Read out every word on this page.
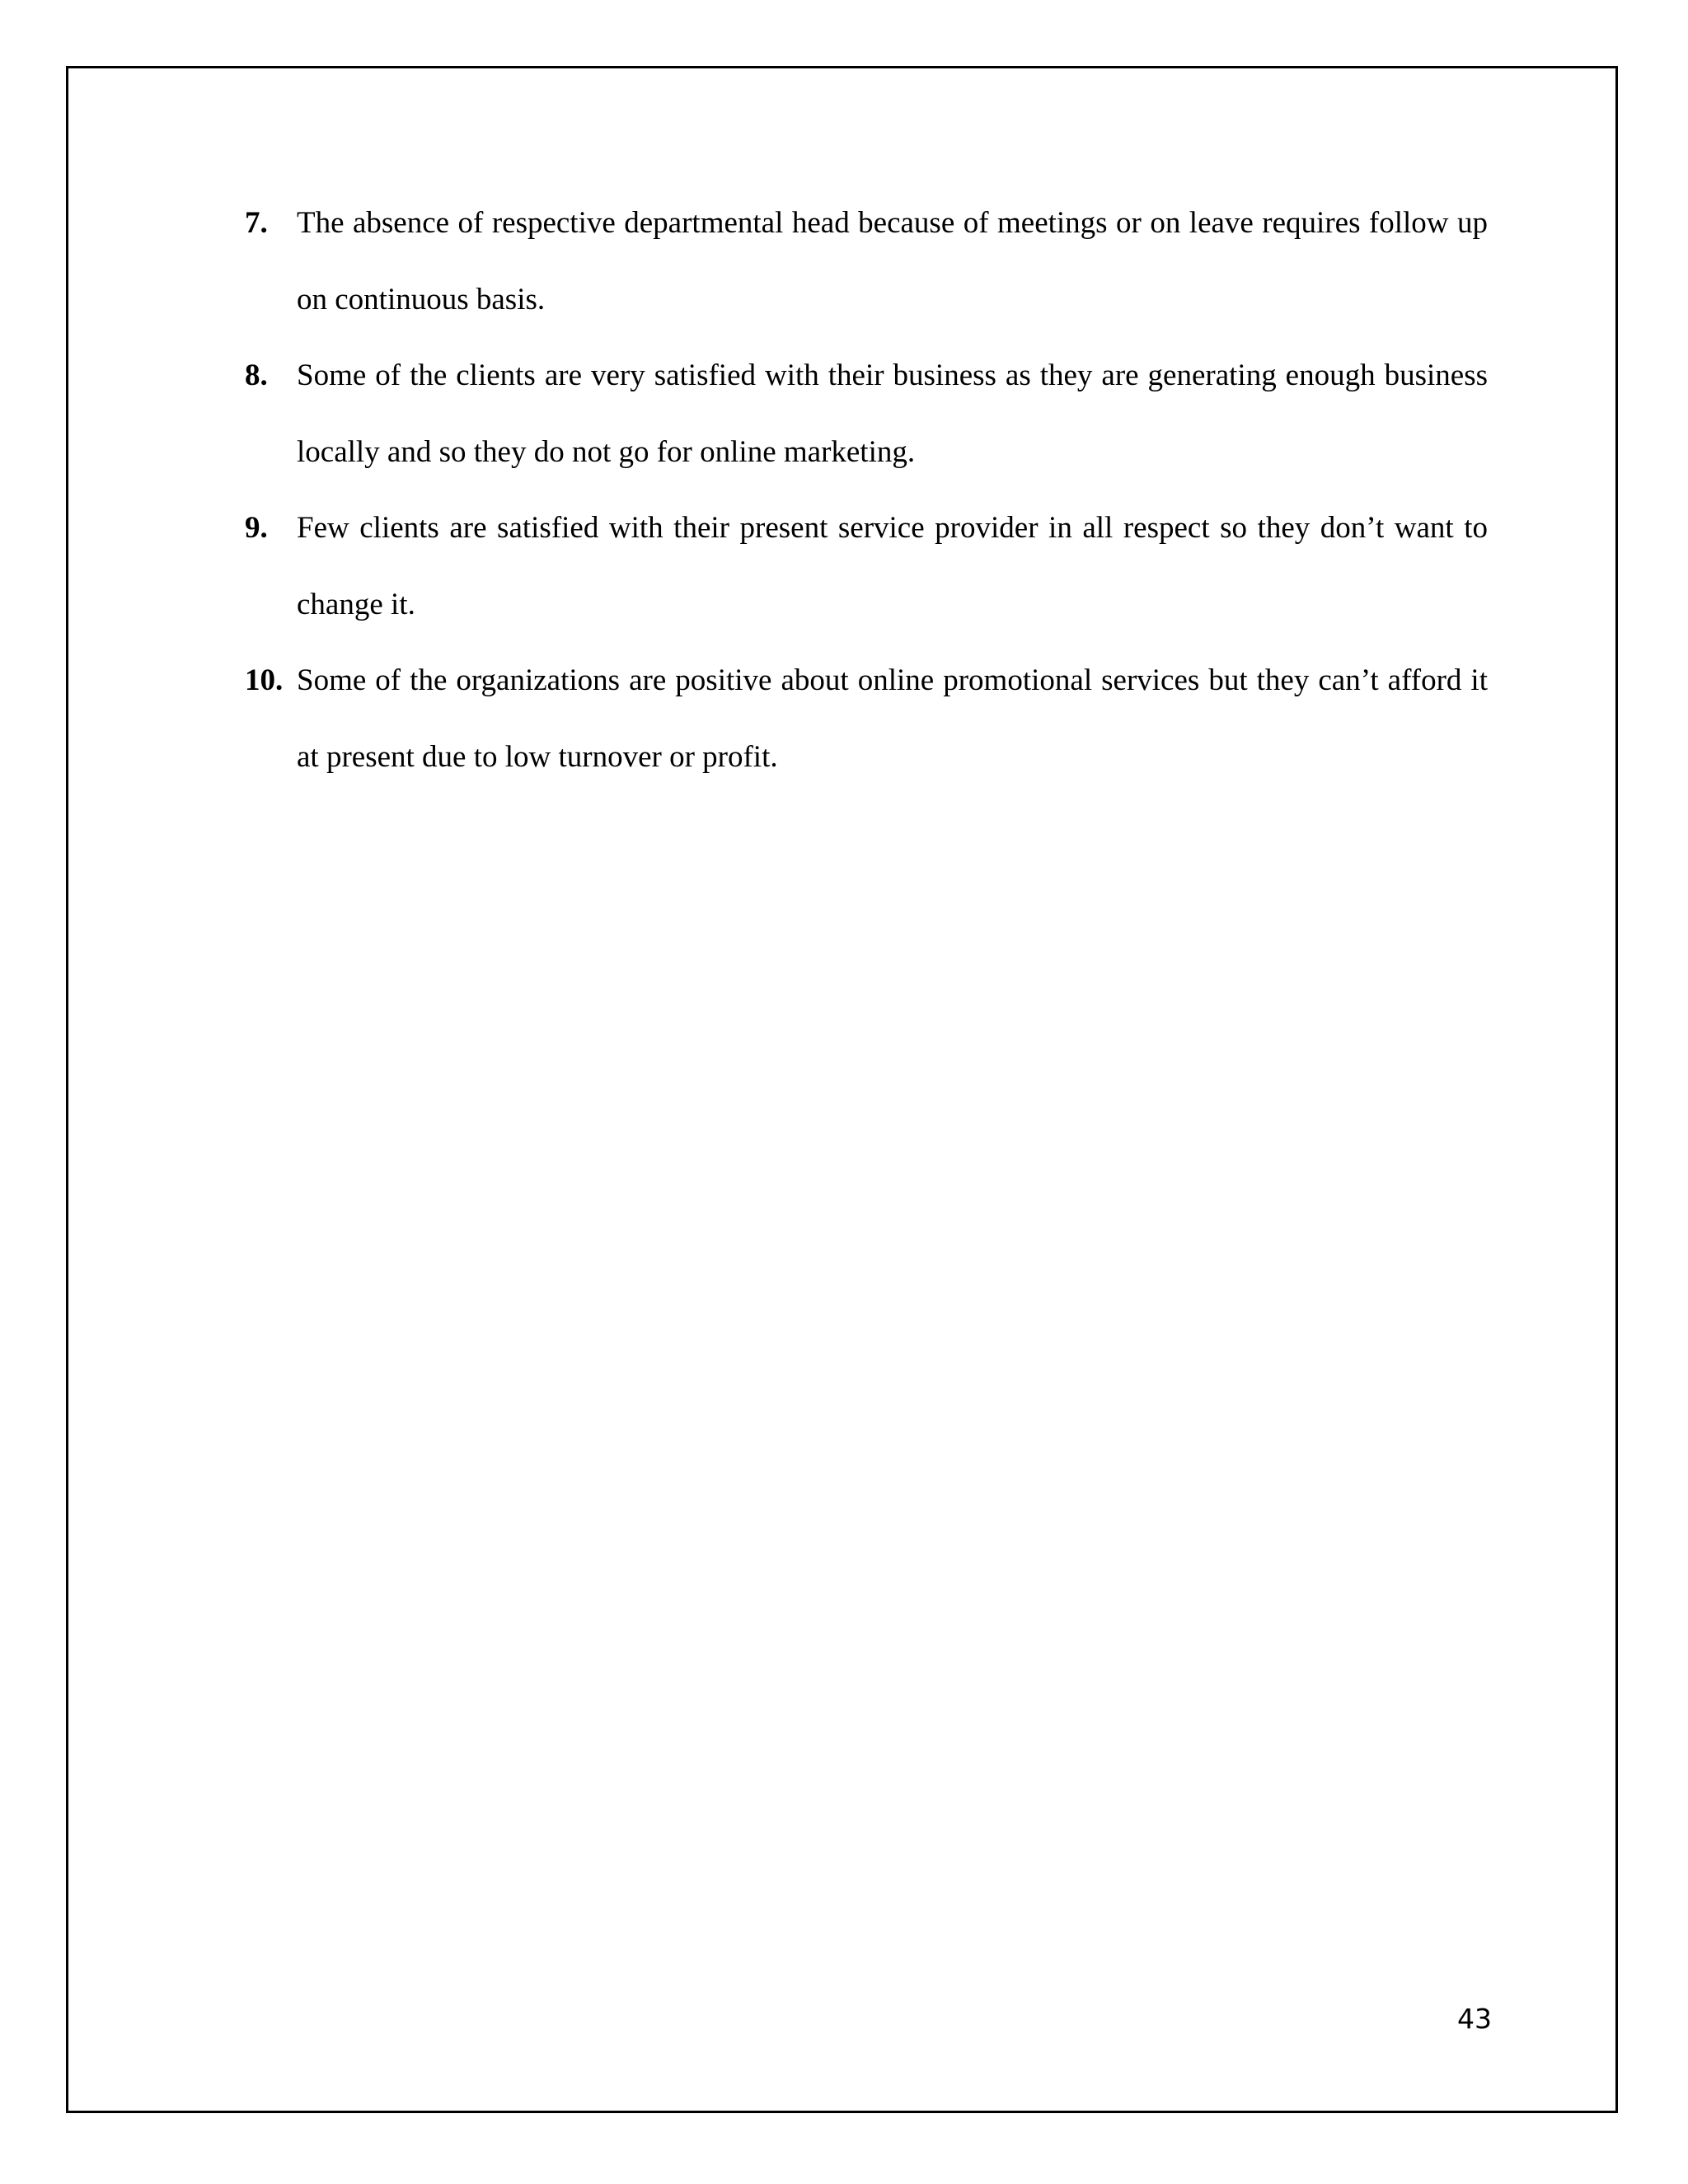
7. The absence of respective departmental head because of meetings or on leave requires follow up on continuous basis.
8. Some of the clients are very satisfied with their business as they are generating enough business locally and so they do not go for online marketing.
9. Few clients are satisfied with their present service provider in all respect so they don’t want to change it.
10. Some of the organizations are positive about online promotional services but they can’t afford it at present due to low turnover or profit.
43
